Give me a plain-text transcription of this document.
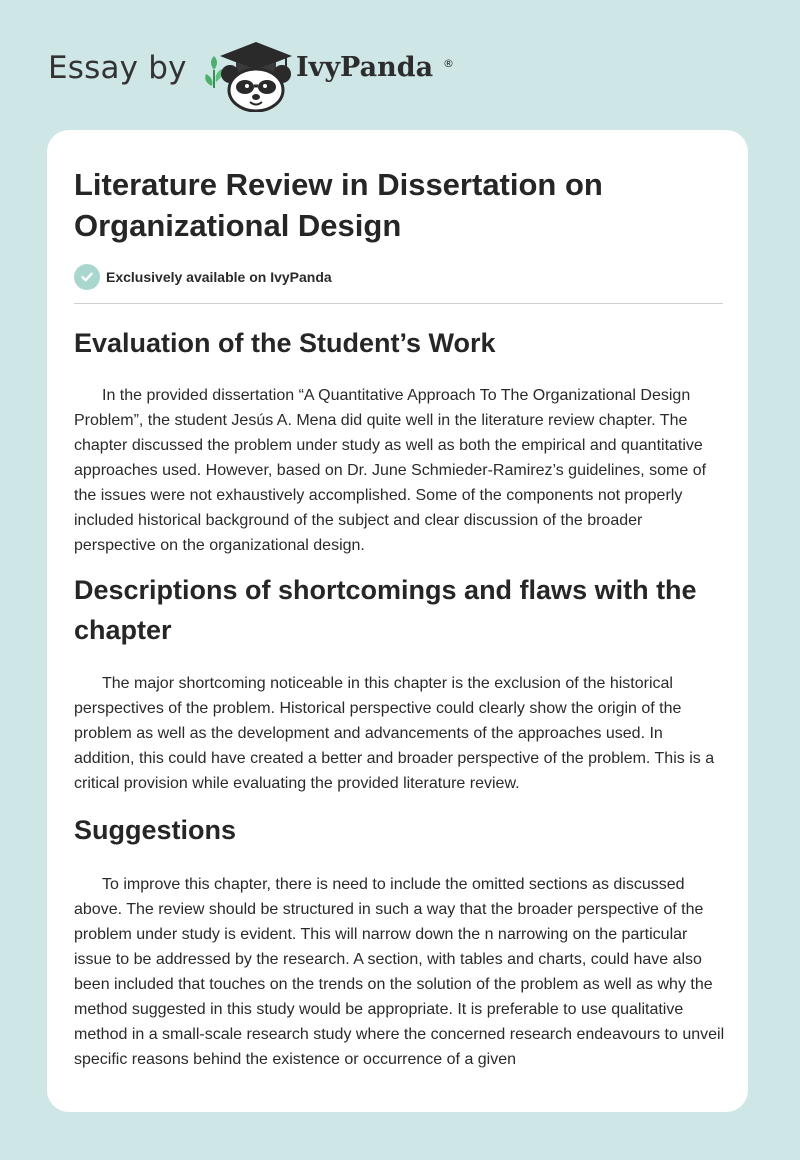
Essay by	IvyPanda ®
Literature Review in Dissertation on Organizational Design
Exclusively available on IvyPanda
Evaluation of the Student’s Work

In the provided dissertation “A Quantitative Approach To The Organizational Design Problem”, the student Jesús A. Mena did quite well in the literature review chapter. The chapter discussed the problem under study as well as both the empirical and quantitative approaches used. However, based on Dr. June Schmieder-Ramirez’s guidelines, some of the issues were not exhaustively accomplished. Some of the components not properly included historical background of the subject and clear discussion of the broader perspective on the organizational design.

Descriptions of shortcomings and flaws with the chapter

The major shortcoming noticeable in this chapter is the exclusion of the historical perspectives of the problem. Historical perspective could clearly show the origin of the problem as well as the development and advancements of the approaches used. In addition, this could have created a better and broader perspective of the problem. This is a critical provision while evaluating the provided literature review.

Suggestions

To improve this chapter, there is need to include the omitted sections as discussed above. The review should be structured in such a way that the broader perspective of the problem under study is evident. This will narrow down the n narrowing on the particular issue to be addressed by the research. A section, with tables and charts, could have also been included that touches on the trends on the solution of the problem as well as why the method suggested in this study would be appropriate. It is preferable to use qualitative method in a small-scale research study where the concerned research endeavours to unveil specific reasons behind the existence or occurrence of a given
